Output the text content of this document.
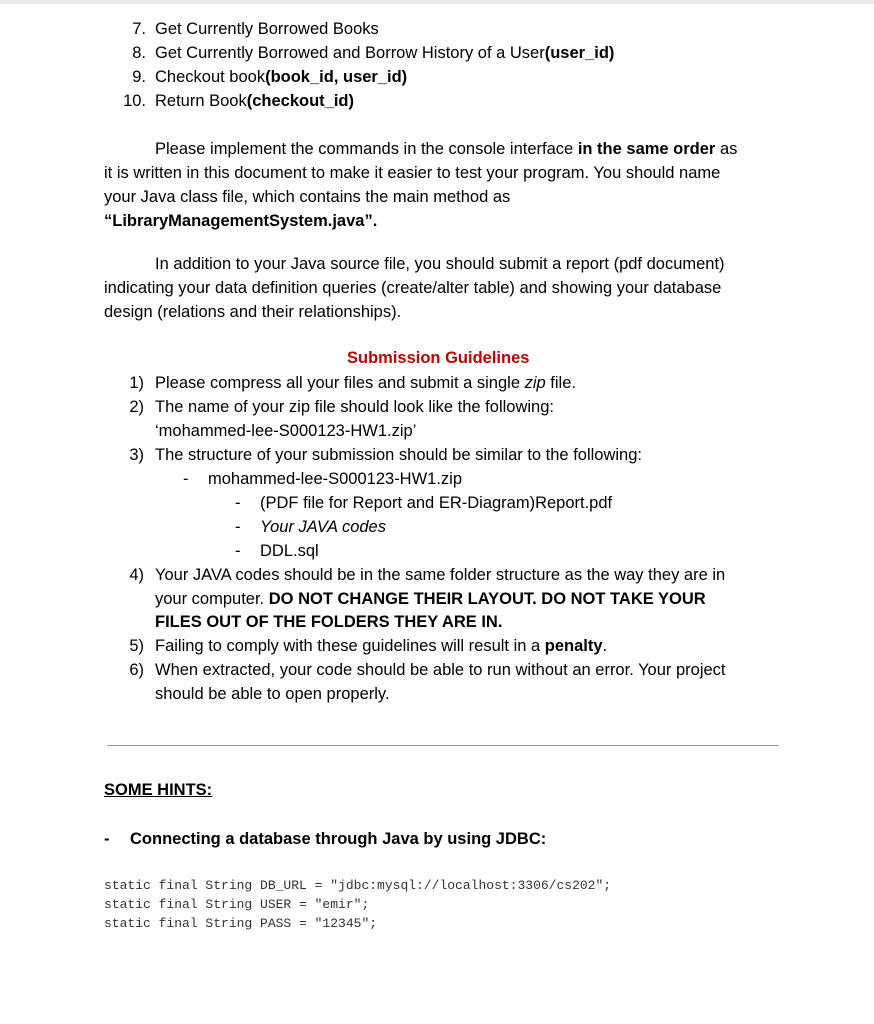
7. Get Currently Borrowed Books
8. Get Currently Borrowed and Borrow History of a User(user_id)
9. Checkout book(book_id, user_id)
10. Return Book(checkout_id)
Please implement the commands in the console interface in the same order as
it is written in this document to make it easier to test your program. You should name
your Java class file, which contains the main method as
“LibraryManagementSystem.java”.
In addition to your Java source file, you should submit a report (pdf document)
indicating your data definition queries (create/alter table) and showing your database
design (relations and their relationships).
Submission Guidelines
1) Please compress all your files and submit a single zip file.
2) The name of your zip file should look like the following:
‘mohammed-lee-S000123-HW1.zip’
3) The structure of your submission should be similar to the following:
- mohammed-lee-S000123-HW1.zip
- (PDF file for Report and ER-Diagram)Report.pdf
- Your JAVA codes
- DDL.sql
4) Your JAVA codes should be in the same folder structure as the way they are in
your computer. DO NOT CHANGE THEIR LAYOUT. DO NOT TAKE YOUR
FILES OUT OF THE FOLDERS THEY ARE IN.
5) Failing to comply with these guidelines will result in a penalty.
6) When extracted, your code should be able to run without an error. Your project
should be able to open properly.
SOME HINTS:
- Connecting a database through Java by using JDBC:
static final String DB_URL = "jdbc:mysql://localhost:3306/cs202";
static final String USER = "emir";
static final String PASS = "12345";
